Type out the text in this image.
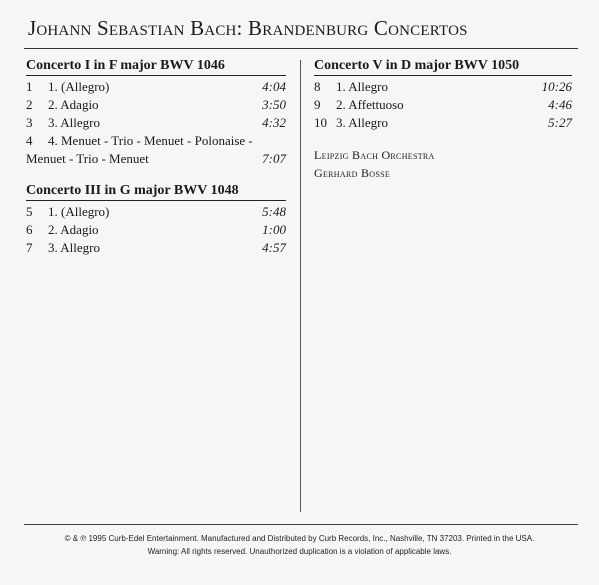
Johann Sebastian Bach: Brandenburg Concertos
Concerto I in F major BWV 1046
1	1. (Allegro)	4:04
2	2. Adagio	3:50
3	3. Allegro	4:32
4	4. Menuet - Trio - Menuet - Polonaise -
Menuet - Trio - Menuet	7:07
Concerto III in G major BWV 1048
5	1. (Allegro)	5:48
6	2. Adagio	1:00
7	3. Allegro	4:57
Concerto V in D major BWV 1050
8	1. Allegro	10:26
9	2. Affettuoso	4:46
10 3. Allegro	5:27
Leipzig Bach Orchestra
Gerhard Bosse
© & ℗ 1995 Curb-Edel Entertainment. Manufactured and Distributed by Curb Records, Inc., Nashville, TN 37203. Printed in the USA.
Warning: All rights reserved. Unauthorized duplication is a violation of applicable laws.
